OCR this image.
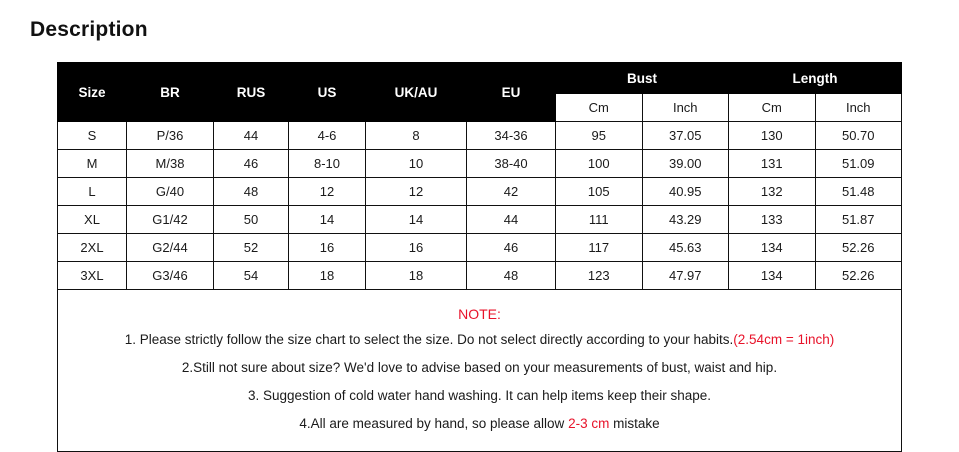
Description
Size	BR	RUS	US	UK/AU	EU	Bust		Length	
						Cm	Inch	Cm	Inch
S	P/36	44	4-6	8	34-36	95	37.05	130	50.70
M	M/38	46	8-10	10	38-40	100	39.00	131	51.09
L	G/40	48	12	12	42	105	40.95	132	51.48
XL	G1/42	50	14	14	44	111	43.29	133	51.87
2XL	G2/44	52	16	16	46	117	45.63	134	52.26
3XL	G3/46	54	18	18	48	123	47.97	134	52.26
NOTE:

1. Please strictly follow the size chart to select the size. Do not select directly according to your habits.(2.54cm = 1inch)

2.Still not sure about size? We'd love to advise based on your measurements of bust, waist and hip.

3. Suggestion of cold water hand washing. It can help items keep their shape.

4.All are measured by hand, so please allow 2-3 cm mistake
